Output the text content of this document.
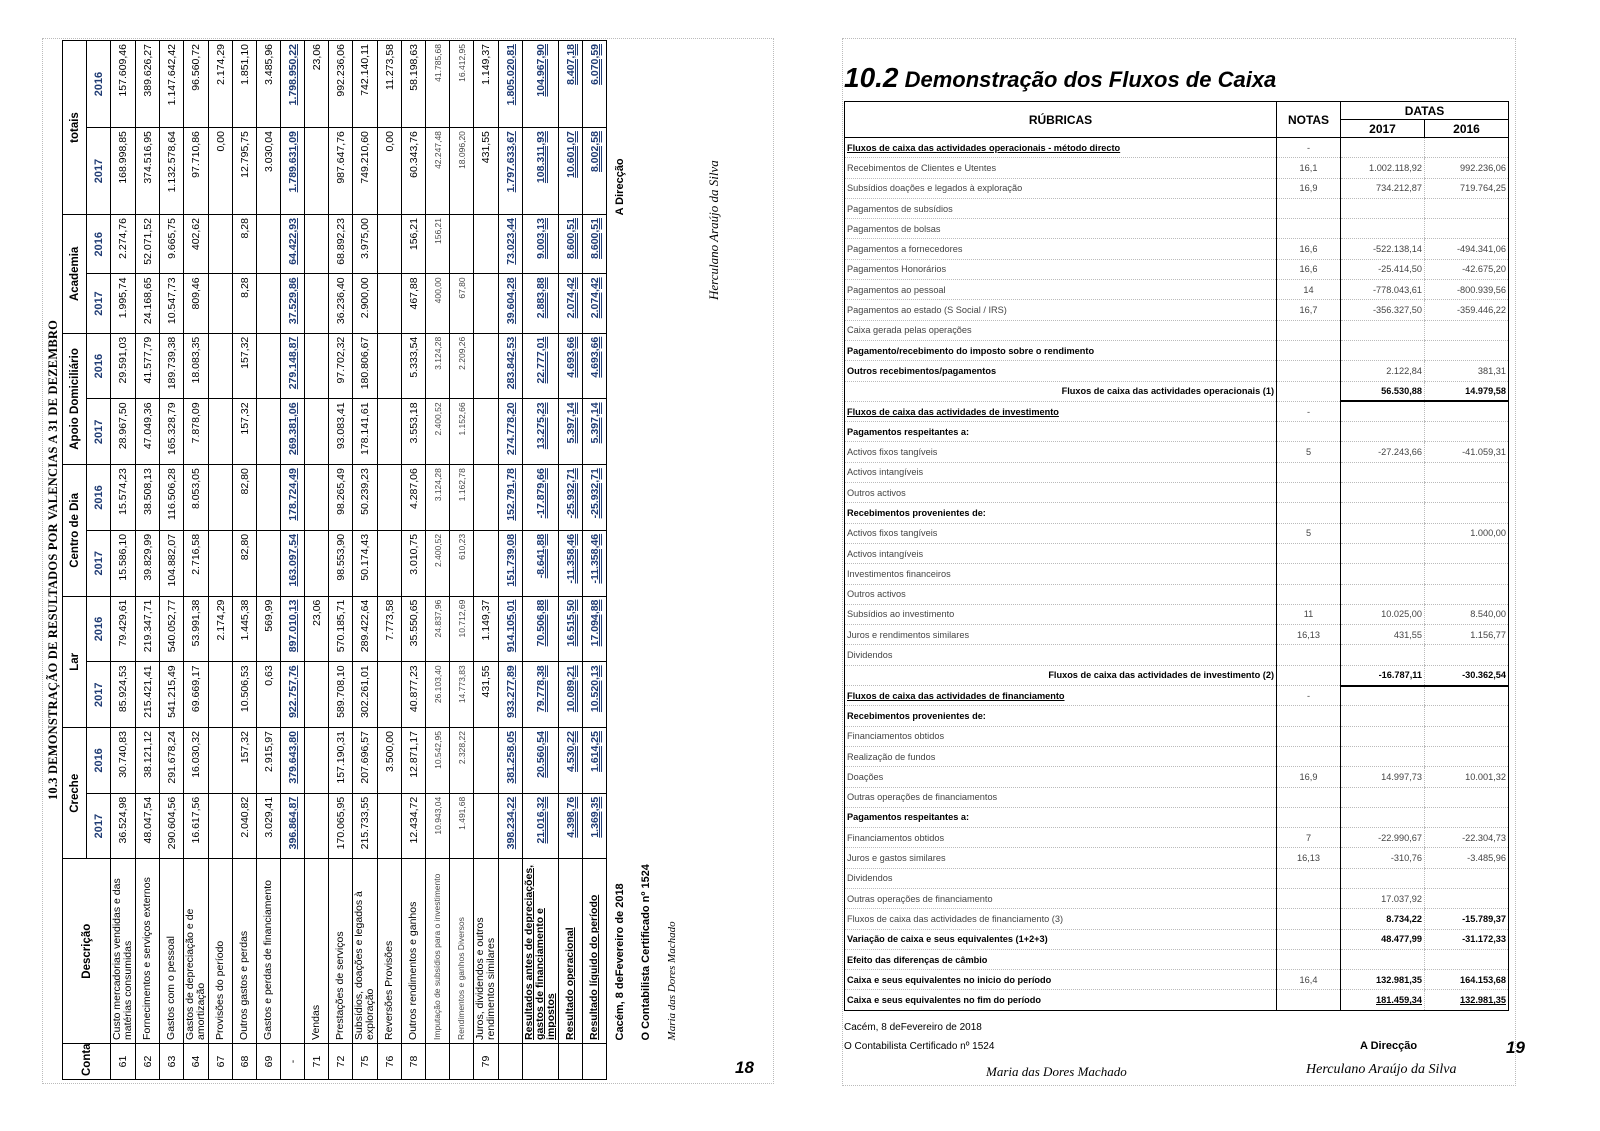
10.3 DEMONSTRAÇÃO DE RESULTADOS POR VALENCIAS A 31 DE DEZEMBRO
Conta	Descrição	Creche		Lar		Centro de Dia		Apoio Domiciliário		Academia		totais	
		2017	2016	2017	2016	2017	2016	2017	2016	2017	2016	2017	2016
61	Custo mercadorias vendidas e das matérias consumidas	36.524,98	30.740,83	85.924,53	79.429,61	15.586,10	15.574,23	28.967,50	29.591,03	1.995,74	2.274,76	168.998,85	157.609,46
62	Fornecimentos e serviços externos	48.047,54	38.121,12	215.421,41	219.347,71	39.829,99	38.508,13	47.049,36	41.577,79	24.168,65	52.071,52	374.516,95	389.626,27
63	Gastos com o pessoal	290.604,56	291.678,24	541.215,49	540.052,77	104.882,07	116.506,28	165.328,79	189.739,38	10.547,73	9.665,75	1.132.578,64	1.147.642,42
64	Gastos de depreciação e de amortização	16.617,56	16.030,32	69.669,17	53.991,38	2.716,58	8.053,05	7.878,09	18.083,35	809,46	402,62	97.710,86	96.560,72
67	Provisões do período				2.174,29							0,00	2.174,29
68	Outros gastos e perdas	2.040,82	157,32	10.506,53	1.445,38	82,80	82,80	157,32	157,32	8,28	8,28	12.795,75	1.851,10
69	Gastos e perdas de financiamento	3.029,41	2.915,97	0,63	569,99							3.030,04	3.485,96
-		396.864,87	379.643,80	922.757,76	897.010,13	163.097,54	178.724,49	269.381,06	279.148,87	37.529,86	64.422,93	1.789.631,09	1.798.950,22
71	Vendas				23,06								23,06
72	Prestações de serviços	170.065,95	157.190,31	589.708,10	570.185,71	98.553,90	98.265,49	93.083,41	97.702,32	36.236,40	68.892,23	987.647,76	992.236,06
75	Subsídios, doações e legados à exploração	215.733,55	207.696,57	302.261,01	289.422,64	50.174,43	50.239,23	178.141,61	180.806,67	2.900,00	3.975,00	749.210,60	742.140,11
76	Reversões Provisões		3.500,00		7.773,58							0,00	11.273,58
78	Outros rendimentos e ganhos	12.434,72	12.871,17	40.877,23	35.550,65	3.010,75	4.287,06	3.553,18	5.333,54	467,88	156,21	60.343,76	58.198,63
	Imputação de subsídios para o investimento	10.943,04	10.542,95	26.103,40	24.837,96	2.400,52	3.124,28	2.400,52	3.124,28	400,00	156,21	42.247,48	41.785,68
	Rendimentos e ganhos Diversos	1.491,68	2.328,22	14.773,83	10.712,69	610,23	1.162,78	1.152,66	2.209,26	67,80		18.096,20	16.412,95
79	Juros, dividendos e outros rendimentos similares			431,55	1.149,37							431,55	1.149,37
		398.234,22	381.258,05	933.277,89	914.105,01	151.739,08	152.791,78	274.778,20	283.842,53	39.604,28	73.023,44	1.797.633,67	1.805.020,81
	Resultados antes de depreciações, gastos de financiamento e impostos	21.016,32	20.560,54	79.778,38	70.506,88	-8.641,88	-17.879,66	13.275,23	22.777,01	2.883,88	9.003,13	108.311,93	104.967,90
	Resultado operacional	4.398,76	4.530,22	10.089,21	16.515,50	-11.358,46	-25.932,71	5.397,14	4.693,66	2.074,42	8.600,51	10.601,07	8.407,18
	Resultado líquido do período	1.369,35	1.614,25	10.520,13	17.094,88	-11.358,46	-25.932,71	5.397,14	4.693,66	2.074,42	8.600,51	8.002,58	6.070,59
	Cacém, 8 deFevereiro de 2018									A Direcção			
	O Contabilista Certificado nº 1524												
	Maria das Dores Machado												
Herculano Araújo da Silva
18
10.2 Demonstração dos Fluxos de Caixa
RÚBRICAS	NOTAS	DATAS	
		2017	2016
Fluxos de caixa das actividades operacionais - método directo	-		
Recebimentos de Clientes e Utentes	16,1	1.002.118,92	992.236,06
Subsídios doações e legados à exploração	16,9	734.212,87	719.764,25
Pagamentos de subsídios			
Pagamentos de bolsas			
Pagamentos a fornecedores	16,6	-522.138,14	-494.341,06
Pagamentos Honorários	16,6	-25.414,50	-42.675,20
Pagamentos ao pessoal	14	-778.043,61	-800.939,56
Pagamentos ao estado (S Social / IRS)	16,7	-356.327,50	-359.446,22
Caixa gerada pelas operações			
Pagamento/recebimento do imposto sobre o rendimento			
Outros recebimentos/pagamentos		2.122,84	381,31
Fluxos de caixa das actividades operacionais (1)		56.530,88	14.979,58
Fluxos de caixa das actividades de investimento	-		
Pagamentos respeitantes a:			
Activos fixos tangíveis	5	-27.243,66	-41.059,31
Activos intangíveis			
Outros activos			
Recebimentos provenientes de:			
Activos fixos tangíveis	5		1.000,00
Activos intangíveis			
Investimentos financeiros			
Outros activos			
Subsídios ao investimento	11	10.025,00	8.540,00
Juros e rendimentos similares	16,13	431,55	1.156,77
Dividendos			
Fluxos de caixa das actividades de investimento (2)		-16.787,11	-30.362,54
Fluxos de caixa das actividades de financiamento	-		
Recebimentos provenientes de:			
Financiamentos obtidos			
Realização de fundos			
Doações	16,9	14.997,73	10.001,32
Outras operações de financiamentos			
Pagamentos respeitantes a:			
Financiamentos obtidos	7	-22.990,67	-22.304,73
Juros e gastos similares	16,13	-310,76	-3.485,96
Dividendos			
Outras operações de financiamento		17.037,92	
Fluxos de caixa das actividades de financiamento (3)		8.734,22	-15.789,37
Variação de caixa e seus equivalentes (1+2+3)		48.477,99	-31.172,33
Efeito das diferenças de câmbio			
Caixa e seus equivalentes no inicio do período	16,4	132.981,35	164.153,68
Caixa e seus equivalentes no fim do período		181.459,34	132.981,35
Cacém, 8 deFevereiro de 2018
O Contabilista Certificado nº 1524	A Direcção	19
Maria das Dores Machado	Herculano Araújo da Silva
